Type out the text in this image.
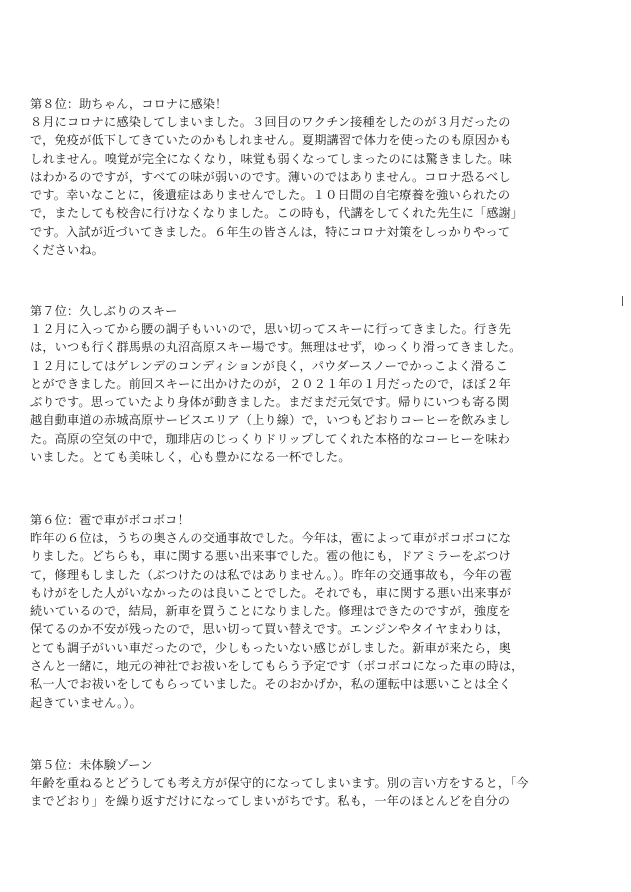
第８位：助ちゃん，コロナに感染！
８月にコロナに感染してしまいました。３回目のワクチン接種をしたのが３月だったの
で，免疫が低下してきていたのかもしれません。夏期講習で体力を使ったのも原因かも
しれません。嗅覚が完全になくなり，味覚も弱くなってしまったのには驚きました。味
はわかるのですが，すべての味が弱いのです。薄いのではありません。コロナ恐るべし
です。幸いなことに，後遺症はありませんでした。１０日間の自宅療養を強いられたの
で，またしても校舎に行けなくなりました。この時も，代講をしてくれた先生に「感謝」
です。入試が近づいてきました。６年生の皆さんは，特にコロナ対策をしっかりやって
くださいね。
第７位：久しぶりのスキー
１２月に入ってから腰の調子もいいので，思い切ってスキーに行ってきました。行き先
は，いつも行く群馬県の丸沼高原スキー場です。無理はせず，ゆっくり滑ってきました。
１２月にしてはゲレンデのコンディションが良く，パウダースノーでかっこよく滑るこ
とができました。前回スキーに出かけたのが，２０２１年の１月だったので，ほぼ２年
ぶりです。思っていたより身体が動きました。まだまだ元気です。帰りにいつも寄る関
越自動車道の赤城高原サービスエリア（上り線）で，いつもどおりコーヒーを飲みまし
た。高原の空気の中で，珈琲店のじっくりドリップしてくれた本格的なコーヒーを味わ
いました。とても美味しく，心も豊かになる一杯でした。
第６位：雹で車がボコボコ！
昨年の６位は，うちの奥さんの交通事故でした。今年は，雹によって車がボコボコにな
りました。どちらも，車に関する悪い出来事でした。雹の他にも，ドアミラーをぶつけ
て，修理もしました（ぶつけたのは私ではありません。）。昨年の交通事故も，今年の雹
もけがをした人がいなかったのは良いことでした。それでも，車に関する悪い出来事が
続いているので，結局，新車を買うことになりました。修理はできたのですが，強度を
保てるのか不安が残ったので，思い切って買い替えです。エンジンやタイヤまわりは，
とても調子がいい車だったので，少しもったいない感じがしました。新車が来たら，奥
さんと一緒に，地元の神社でお祓いをしてもらう予定です（ボコボコになった車の時は，
私一人でお祓いをしてもらっていました。そのおかげか，私の運転中は悪いことは全く
起きていません。）。
第５位：未体験ゾーン
年齢を重ねるとどうしても考え方が保守的になってしまいます。別の言い方をすると，「今
までどおり」を繰り返すだけになってしまいがちです。私も，一年のほとんどを自分の
